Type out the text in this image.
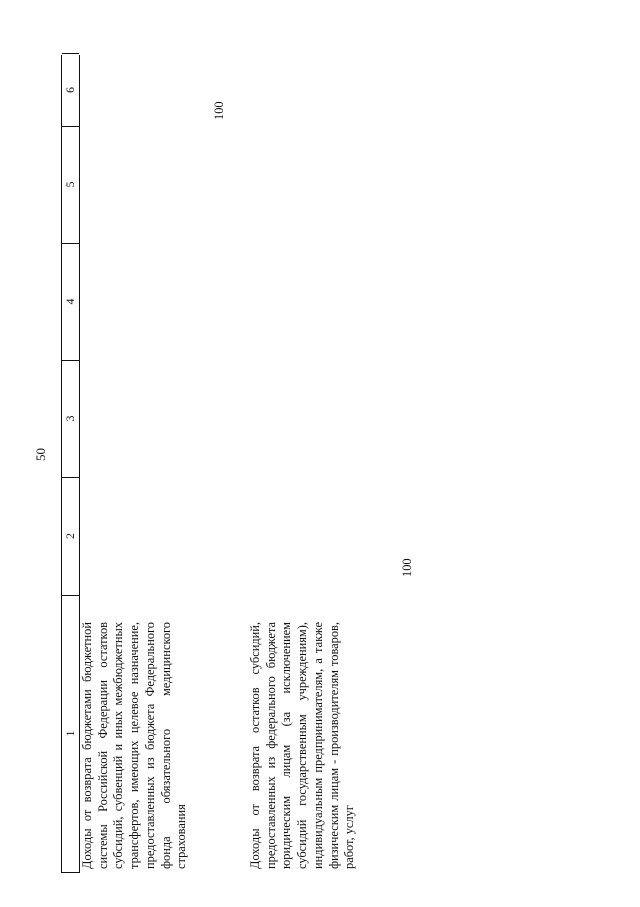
50
1
2
3
4
5
6
Доходы от возврата бюджетами бюджетной системы Российской Федерации остатков субсидий, субвенций и иных межбюджетных трансфертов, имеющих целевое назначение, предоставленных из бюджета Федерального фонда обязательного медицинского страхования
100
Доходы от возврата остатков субсидий, предоставленных из федерального бюджета юридическим лицам (за исключением субсидий государственным учреждениям), индивидуальным предпринимателям, а также физическим лицам - производителям товаров, работ, услуг
100
